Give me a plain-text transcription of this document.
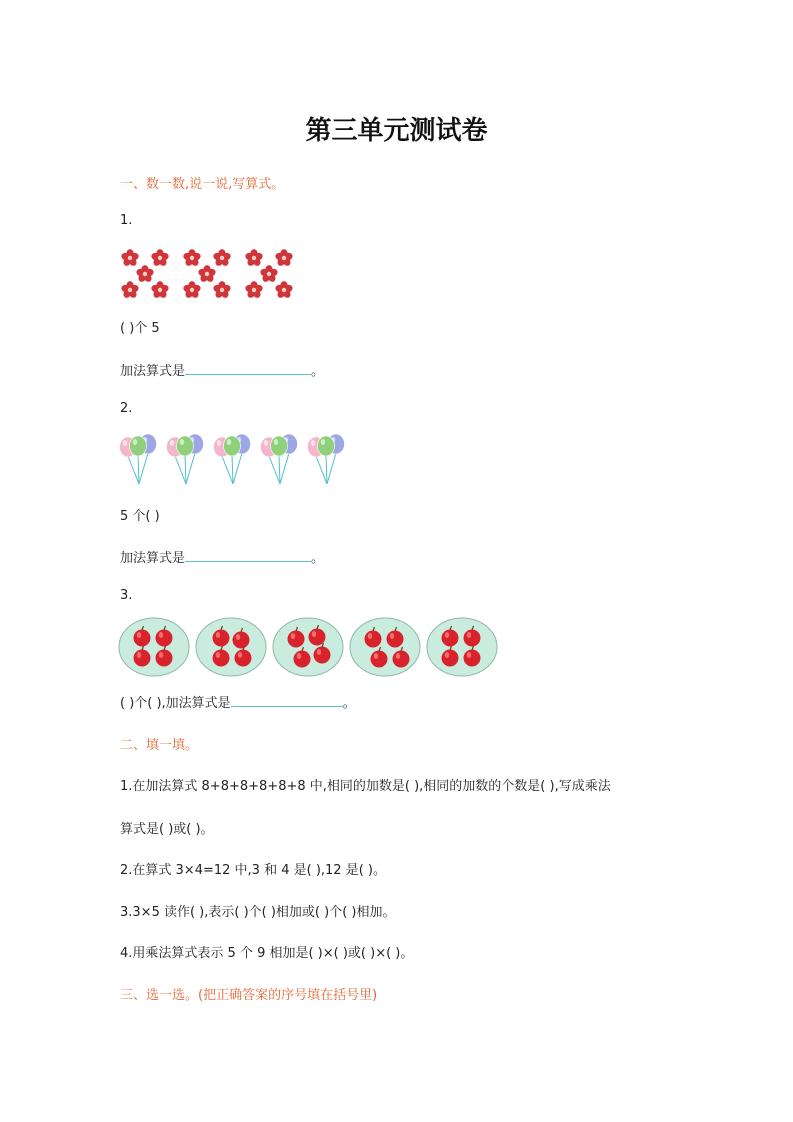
第三单元测试卷
一、数一数,说一说,写算式。
1.
( )个 5
加法算式是	。
2.
5 个( )
加法算式是	。
3.
( )个( ),加法算式是	。
二、填一填。
1.在加法算式 8+8+8+8+8+8 中,相同的加数是( ),相同的加数的个数是( ),写成乘法
算式是( )或( )。
2.在算式 3×4=12 中,3 和 4 是( ),12 是( )。
3.3×5 读作( ),表示( )个( )相加或( )个( )相加。
4.用乘法算式表示 5 个 9 相加是( )×( )或( )×( )。
三、选一选。(把正确答案的序号填在括号里)
